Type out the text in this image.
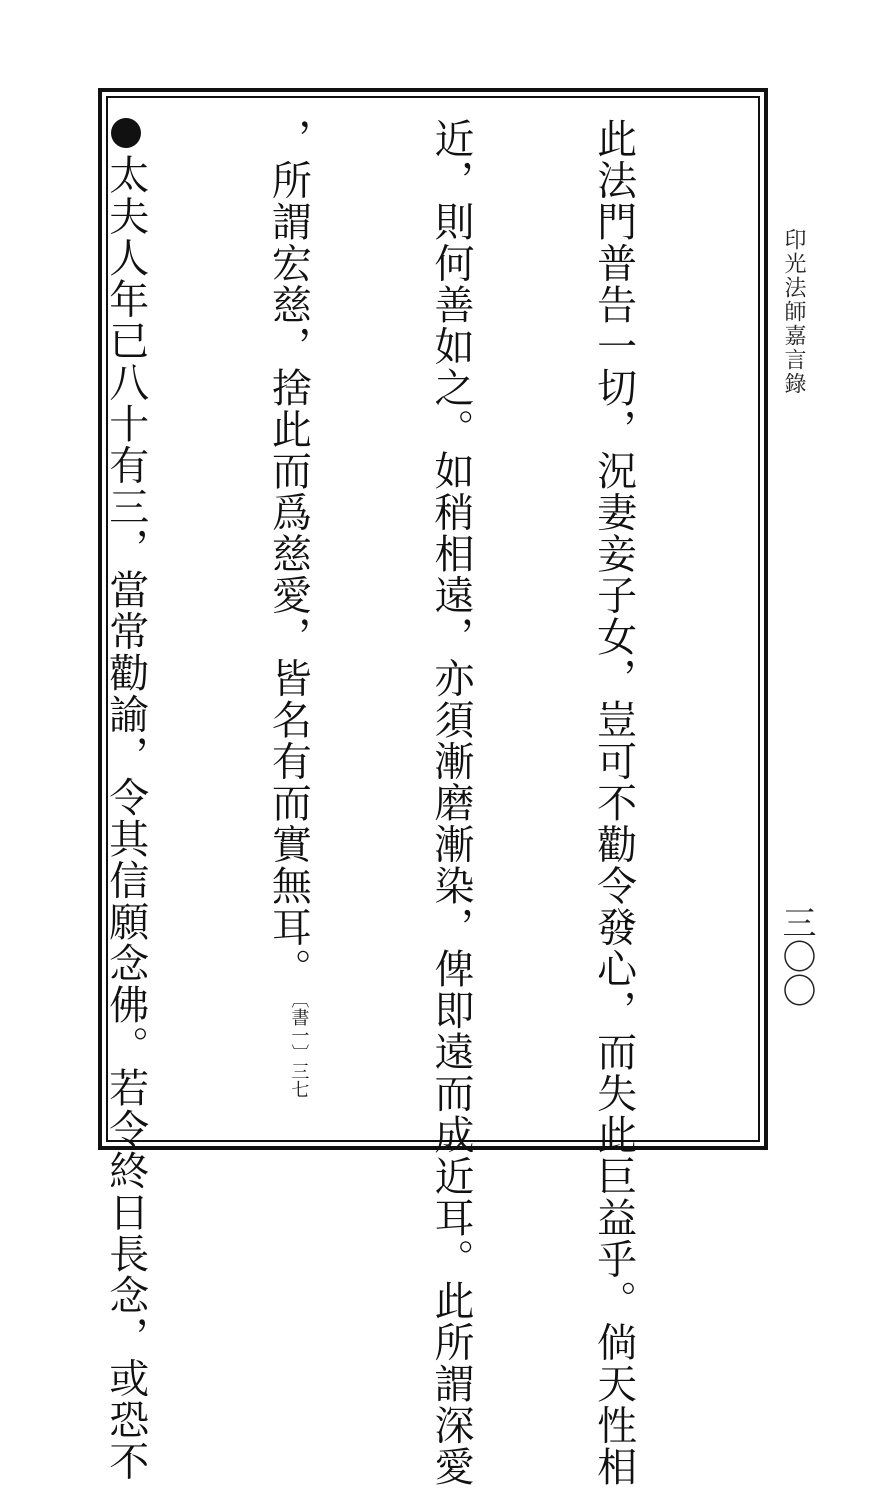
此法門普告一切，況妻妾子女，豈可不勸令發心，而失此巨益乎。倘天性相

近，則何善如之。如稍相遠，亦須漸磨漸染，俾即遠而成近耳。此所謂深愛

，所謂宏慈，捨此而爲慈愛，皆名有而實無耳。〔書一〕三七

太夫人年已八十有三，當常勸諭，令其信願念佛。若令終日長念，或恐不

	印光法師嘉言錄
三〇〇
